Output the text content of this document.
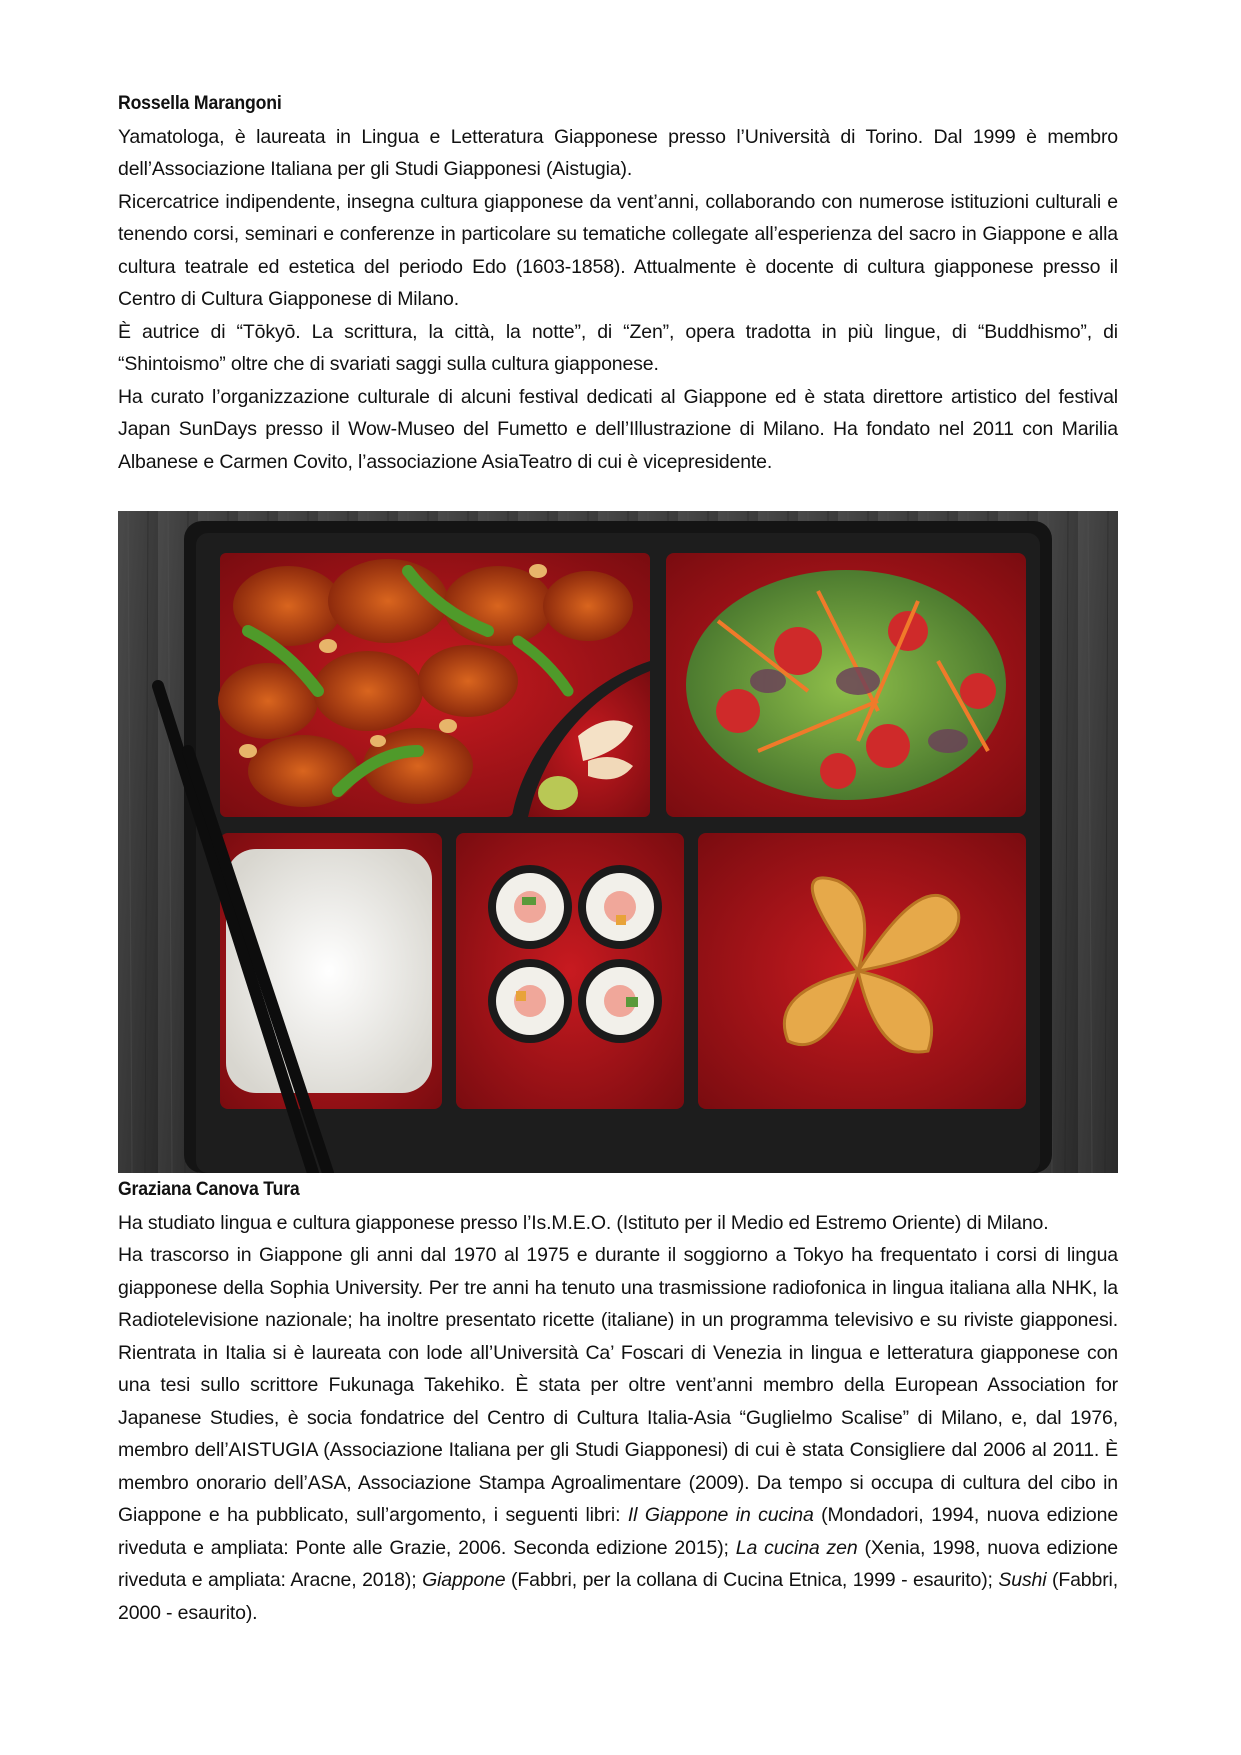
Rossella Marangoni

Yamatologa, è laureata in Lingua e Letteratura Giapponese presso l’Università di Torino. Dal 1999 è membro dell’Associazione Italiana per gli Studi Giapponesi (Aistugia).

Ricercatrice indipendente, insegna cultura giapponese da vent’anni, collaborando con numerose istituzioni culturali e tenendo corsi, seminari e conferenze in particolare su tematiche collegate all’esperienza del sacro in Giappone e alla cultura teatrale ed estetica del periodo Edo (1603-1858). Attualmente è docente di cultura giapponese presso il Centro di Cultura Giapponese di Milano.

È autrice di “Tōkyō. La scrittura, la città, la notte”, di “Zen”, opera tradotta in più lingue, di “Buddhismo”, di “Shintoismo” oltre che di svariati saggi sulla cultura giapponese.

Ha curato l’organizzazione culturale di alcuni festival dedicati al Giappone ed è stata direttore artistico del festival Japan SunDays presso il Wow-Museo del Fumetto e dell’Illustrazione di Milano. Ha fondato nel 2011 con Marilia Albanese e Carmen Covito, l’associazione AsiaTeatro di cui è vicepresidente.

Graziana Canova Tura

Ha studiato lingua e cultura giapponese presso l’Is.M.E.O. (Istituto per il Medio ed Estremo Oriente) di Milano.

Ha trascorso in Giappone gli anni dal 1970 al 1975 e durante il soggiorno a Tokyo ha frequentato i corsi di lingua giapponese della Sophia University. Per tre anni ha tenuto una trasmissione radiofonica in lingua italiana alla NHK, la Radiotelevisione nazionale; ha inoltre presentato ricette (italiane) in un programma televisivo e su riviste giapponesi. Rientrata in Italia si è laureata con lode all’Università Ca’ Foscari di Venezia in lingua e letteratura giapponese con una tesi sullo scrittore Fukunaga Takehiko. È stata per oltre vent’anni membro della European Association for Japanese Studies, è socia fondatrice del Centro di Cultura Italia-Asia “Guglielmo Scalise” di Milano, e, dal 1976, membro dell’AISTUGIA (Associazione Italiana per gli Studi Giapponesi) di cui è stata Consigliere dal 2006 al 2011. È membro onorario dell’ASA, Associazione Stampa Agroalimentare (2009). Da tempo si occupa di cultura del cibo in Giappone e ha pubblicato, sull’argomento, i seguenti libri: Il Giappone in cucina (Mondadori, 1994, nuova edizione riveduta e ampliata: Ponte alle Grazie, 2006. Seconda edizione 2015); La cucina zen (Xenia, 1998, nuova edizione riveduta e ampliata: Aracne, 2018); Giappone (Fabbri, per la collana di Cucina Etnica, 1999 - esaurito); Sushi (Fabbri, 2000 - esaurito).
